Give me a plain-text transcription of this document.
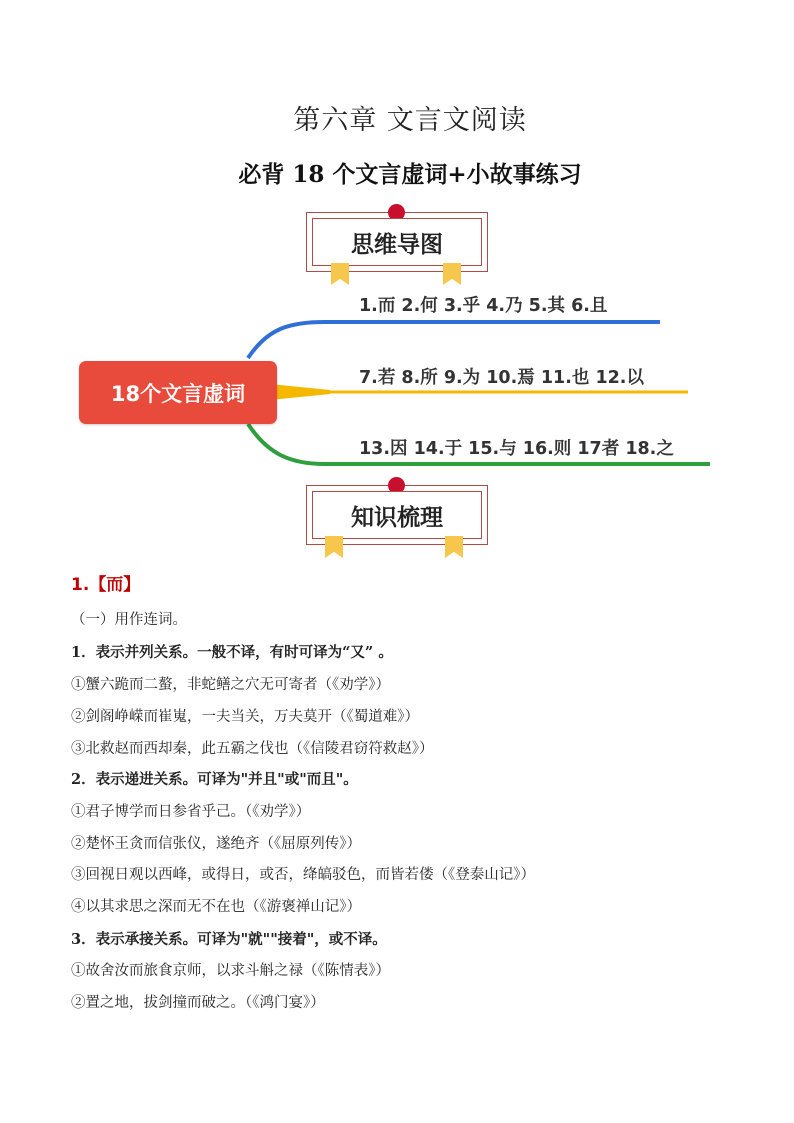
第六章 文言文阅读
必背 18 个文言虚词+小故事练习
思维导图
18个文言虚词
1.而 2.何 3.乎 4.乃 5.其 6.且
7.若 8.所 9.为 10.焉 11.也 12.以
13.因 14.于 15.与 16.则 17者 18.之
知识梳理
1.【而】
（一）用作连词。
1．表示并列关系。一般不译，有时可译为“又” 。
①蟹六跪而二螯，非蛇鳝之穴无可寄者（《劝学》）
②剑阁峥嵘而崔嵬，一夫当关，万夫莫开（《蜀道难》）
③北救赵而西却秦，此五霸之伐也（《信陵君窃符救赵》）
2．表示递进关系。可译为"并且"或"而且"。
①君子博学而日参省乎己。（《劝学》）
②楚怀王贪而信张仪，遂绝齐（《屈原列传》）
③回视日观以西峰，或得日，或否，绛皜驳色，而皆若偻（《登泰山记》）
④以其求思之深而无不在也（《游褒禅山记》）
3．表示承接关系。可译为"就""接着"，或不译。
①故舍汝而旅食京师，以求斗斛之禄（《陈情表》）
②置之地，拔剑撞而破之。（《鸿门宴》）
